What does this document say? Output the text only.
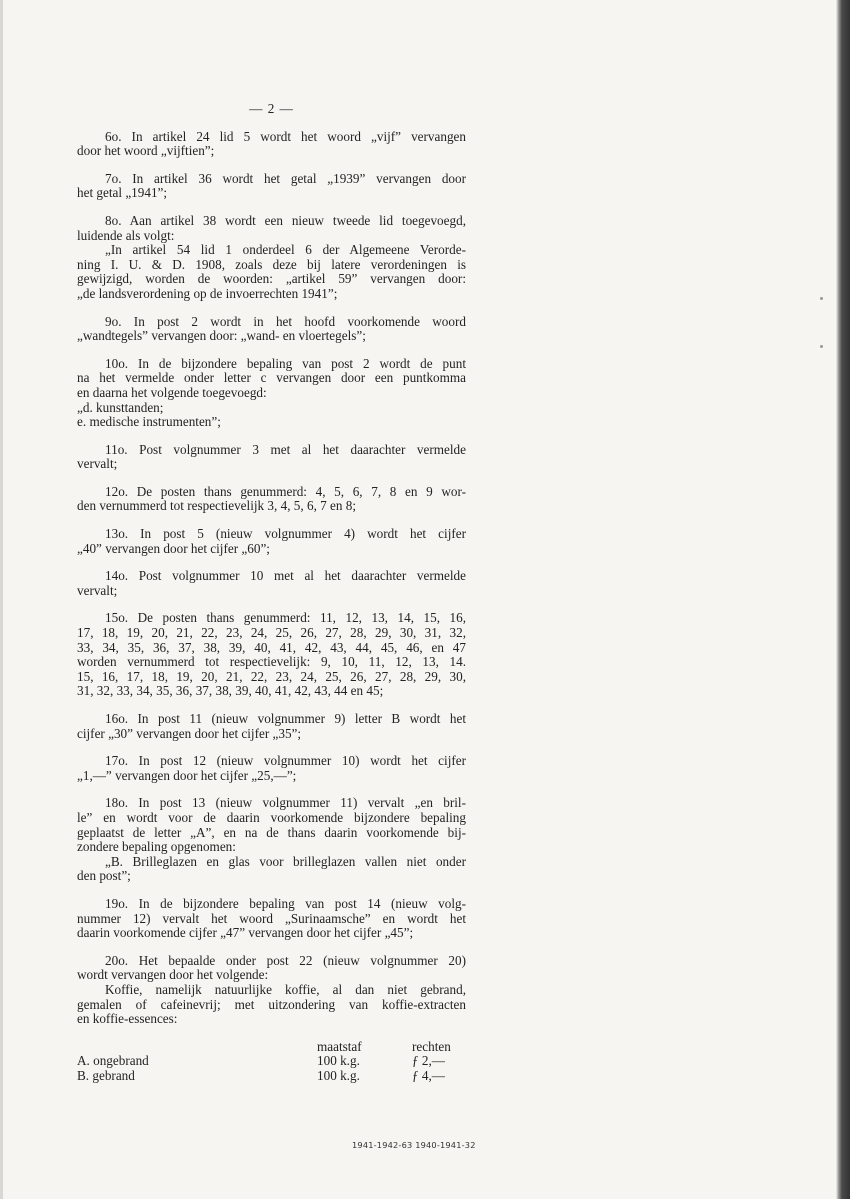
— 2 —
6o. In artikel 24 lid 5 wordt het woord „vijf” vervangen
door het woord „vijftien”;
7o. In artikel 36 wordt het getal „1939” vervangen door
het getal „1941”;
8o. Aan artikel 38 wordt een nieuw tweede lid toegevoegd,
luidende als volgt:
„In artikel 54 lid 1 onderdeel 6 der Algemeene Verorde-
ning I. U. & D. 1908, zoals deze bij latere verordeningen is
gewijzigd, worden de woorden: „artikel 59” vervangen door:
„de landsverordening op de invoerrechten 1941”;
9o. In post 2 wordt in het hoofd voorkomende woord
„wandtegels” vervangen door: „wand- en vloertegels”;
10o. In de bijzondere bepaling van post 2 wordt de punt
na het vermelde onder letter c vervangen door een puntkomma
en daarna het volgende toegevoegd:
„d. kunsttanden;
e. medische instrumenten”;
11o. Post volgnummer 3 met al het daarachter vermelde
vervalt;
12o. De posten thans genummerd: 4, 5, 6, 7, 8 en 9 wor-
den vernummerd tot respectievelijk 3, 4, 5, 6, 7 en 8;
13o. In post 5 (nieuw volgnummer 4) wordt het cijfer
„40” vervangen door het cijfer „60”;
14o. Post volgnummer 10 met al het daarachter vermelde
vervalt;
15o. De posten thans genummerd: 11, 12, 13, 14, 15, 16,
17, 18, 19, 20, 21, 22, 23, 24, 25, 26, 27, 28, 29, 30, 31, 32,
33, 34, 35, 36, 37, 38, 39, 40, 41, 42, 43, 44, 45, 46, en 47
worden vernummerd tot respectievelijk: 9, 10, 11, 12, 13, 14.
15, 16, 17, 18, 19, 20, 21, 22, 23, 24, 25, 26, 27, 28, 29, 30,
31, 32, 33, 34, 35, 36, 37, 38, 39, 40, 41, 42, 43, 44 en 45;
16o. In post 11 (nieuw volgnummer 9) letter B wordt het
cijfer „30” vervangen door het cijfer „35”;
17o. In post 12 (nieuw volgnummer 10) wordt het cijfer
„1,—” vervangen door het cijfer „25,—”;
18o. In post 13 (nieuw volgnummer 11) vervalt „en bril-
le” en wordt voor de daarin voorkomende bijzondere bepaling
geplaatst de letter „A”, en na de thans daarin voorkomende bij-
zondere bepaling opgenomen:
„B. Brilleglazen en glas voor brilleglazen vallen niet onder
den post”;
19o. In de bijzondere bepaling van post 14 (nieuw volg-
nummer 12) vervalt het woord „Surinaamsche” en wordt het
daarin voorkomende cijfer „47” vervangen door het cijfer „45”;
20o. Het bepaalde onder post 22 (nieuw volgnummer 20)
wordt vervangen door het volgende:
Koffie, namelijk natuurlijke koffie, al dan niet gebrand,
gemalen of cafeinevrij; met uitzondering van koffie-extracten
en koffie-essences:
	maatstaf	rechten
A. ongebrand	100 k.g.	ƒ 2,—
B. gebrand	100 k.g.	ƒ 4,—
1941-1942-63 1940-1941-32
